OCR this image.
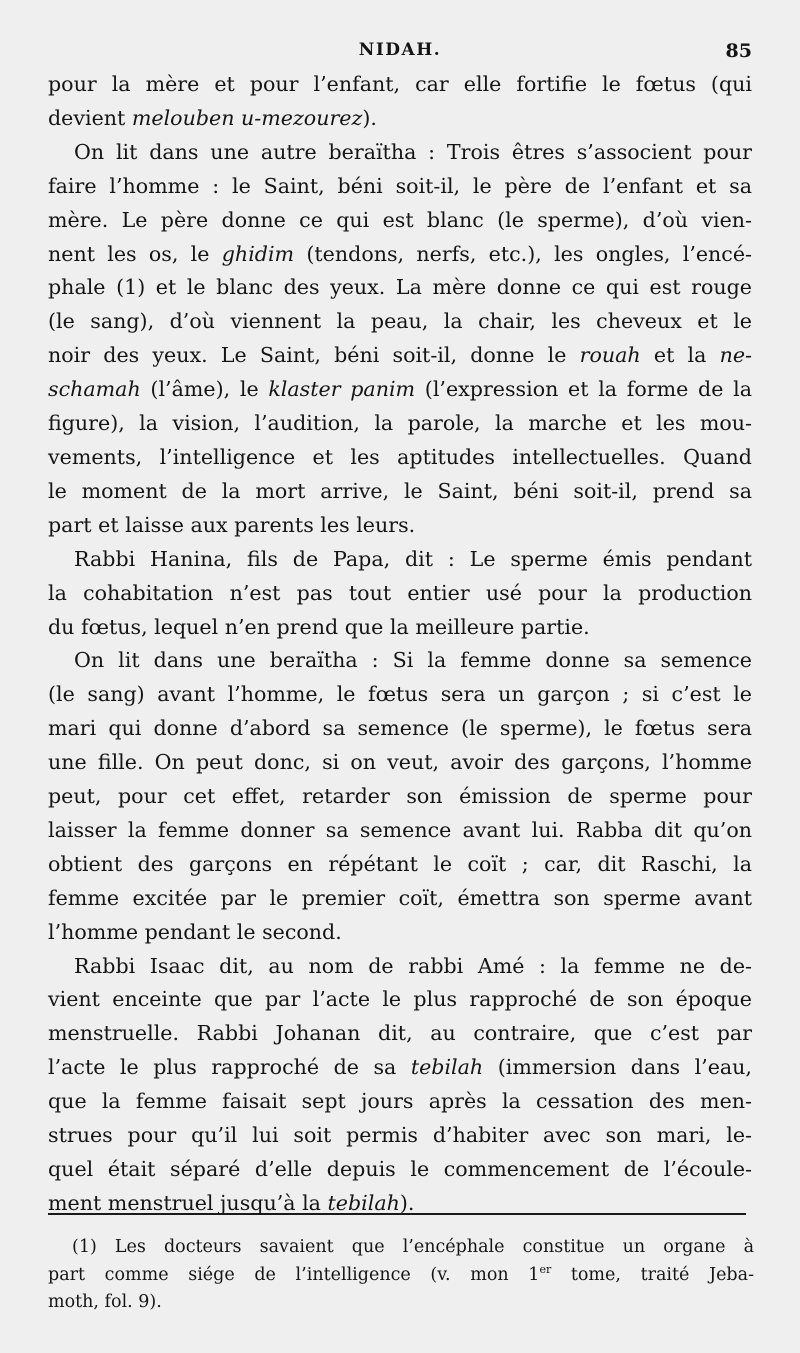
NIDAH.	85

pour la mère et pour l’enfant, car elle fortifie le fœtus (qui
devient melouben u-mezourez).

On lit dans une autre beraïtha : Trois êtres s’associent pour
faire l’homme : le Saint, béni soit-il, le père de l’enfant et sa
mère. Le père donne ce qui est blanc (le sperme), d’où vien-
nent les os, le ghidim (tendons, nerfs, etc.), les ongles, l’encé-
phale (1) et le blanc des yeux. La mère donne ce qui est rouge
(le sang), d’où viennent la peau, la chair, les cheveux et le
noir des yeux. Le Saint, béni soit-il, donne le rouah et la ne-
schamah (l’âme), le klaster panim (l’expression et la forme de la
figure), la vision, l’audition, la parole, la marche et les mou-
vements, l’intelligence et les aptitudes intellectuelles. Quand
le moment de la mort arrive, le Saint, béni soit-il, prend sa
part et laisse aux parents les leurs.

Rabbi Hanina, fils de Papa, dit : Le sperme émis pendant
la cohabitation n’est pas tout entier usé pour la production
du fœtus, lequel n’en prend que la meilleure partie.

On lit dans une beraïtha : Si la femme donne sa semence
(le sang) avant l’homme, le fœtus sera un garçon ; si c’est le
mari qui donne d’abord sa semence (le sperme), le fœtus sera
une fille. On peut donc, si on veut, avoir des garçons, l’homme
peut, pour cet effet, retarder son émission de sperme pour
laisser la femme donner sa semence avant lui. Rabba dit qu’on
obtient des garçons en répétant le coït ; car, dit Raschi, la
femme excitée par le premier coït, émettra son sperme avant
l’homme pendant le second.

Rabbi Isaac dit, au nom de rabbi Amé : la femme ne de-
vient enceinte que par l’acte le plus rapproché de son époque
menstruelle. Rabbi Johanan dit, au contraire, que c’est par
l’acte le plus rapproché de sa tebilah (immersion dans l’eau,
que la femme faisait sept jours après la cessation des men-
strues pour qu’il lui soit permis d’habiter avec son mari, le-
quel était séparé d’elle depuis le commencement de l’écoule-
ment menstruel jusqu’à la tebilah).

(1) Les docteurs savaient que l’encéphale constitue un organe à
part comme siége de l’intelligence (v. mon 1er tome, traité Jeba-
moth, fol. 9).
